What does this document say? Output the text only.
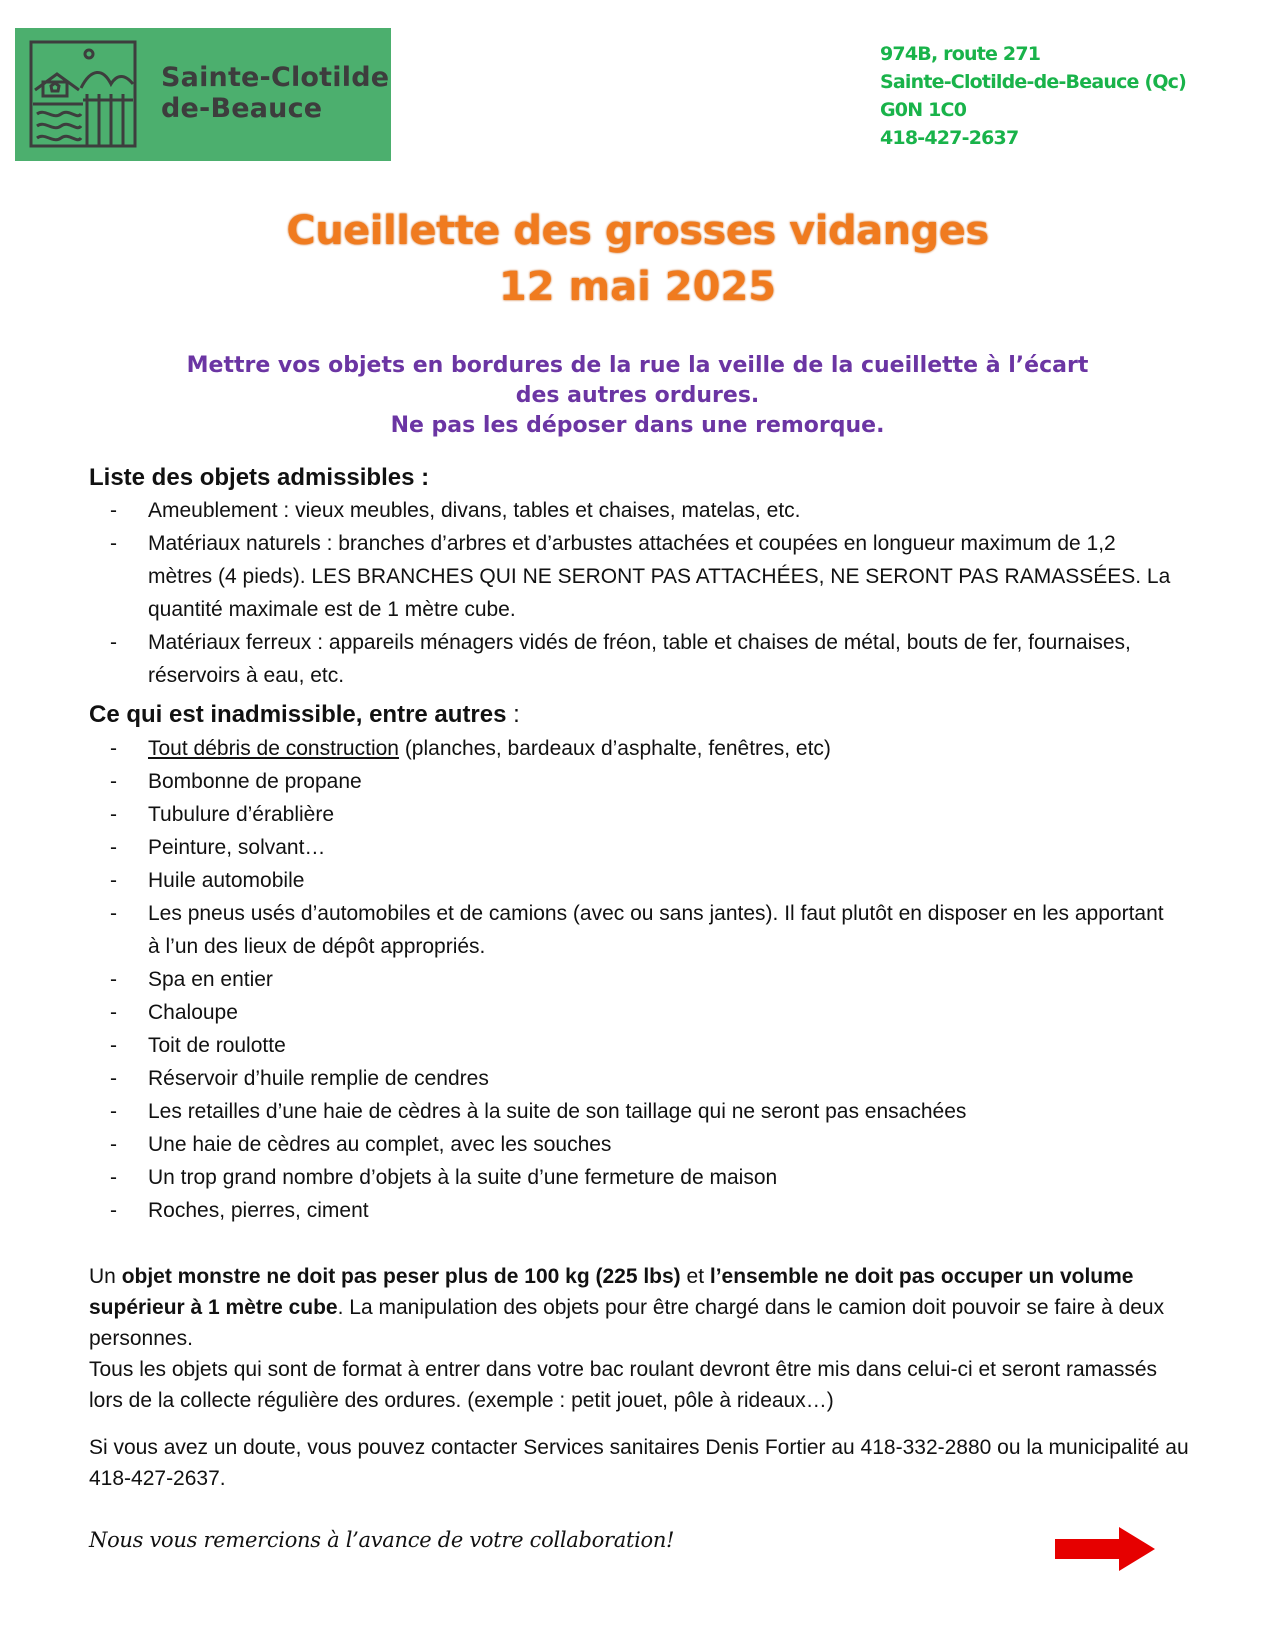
Sainte-Clotilde
de-Beauce
974B, route 271
Sainte-Clotilde-de-Beauce (Qc)
G0N 1C0
418-427-2637
Cueillette des grosses vidanges
12 mai 2025
Mettre vos objets en bordures de la rue la veille de la cueillette à l’écart
des autres ordures.
Ne pas les déposer dans une remorque.
Liste des objets admissibles :
- Ameublement : vieux meubles, divans, tables et chaises, matelas, etc.
- Matériaux naturels : branches d’arbres et d’arbustes attachées et coupées en longueur maximum de 1,2 mètres (4 pieds). LES BRANCHES QUI NE SERONT PAS ATTACHÉES, NE SERONT PAS RAMASSÉES. La quantité maximale est de 1 mètre cube.
- Matériaux ferreux : appareils ménagers vidés de fréon, table et chaises de métal, bouts de fer, fournaises, réservoirs à eau, etc.
Ce qui est inadmissible, entre autres :
- Tout débris de construction (planches, bardeaux d’asphalte, fenêtres, etc)
- Bombonne de propane
- Tubulure d’érablière
- Peinture, solvant…
- Huile automobile
- Les pneus usés d’automobiles et de camions (avec ou sans jantes). Il faut plutôt en disposer en les apportant à l’un des lieux de dépôt appropriés.
- Spa en entier
- Chaloupe
- Toit de roulotte
- Réservoir d’huile remplie de cendres
- Les retailles d’une haie de cèdres à la suite de son taillage qui ne seront pas ensachées
- Une haie de cèdres au complet, avec les souches
- Un trop grand nombre d’objets à la suite d’une fermeture de maison
- Roches, pierres, ciment
Un objet monstre ne doit pas peser plus de 100 kg (225 lbs) et l’ensemble ne doit pas occuper un volume supérieur à 1 mètre cube. La manipulation des objets pour être chargé dans le camion doit pouvoir se faire à deux personnes.
Tous les objets qui sont de format à entrer dans votre bac roulant devront être mis dans celui-ci et seront ramassés lors de la collecte régulière des ordures. (exemple : petit jouet, pôle à rideaux…)
Si vous avez un doute, vous pouvez contacter Services sanitaires Denis Fortier au 418-332-2880 ou la municipalité au 418-427-2637.
Nous vous remercions à l’avance de votre collaboration!
